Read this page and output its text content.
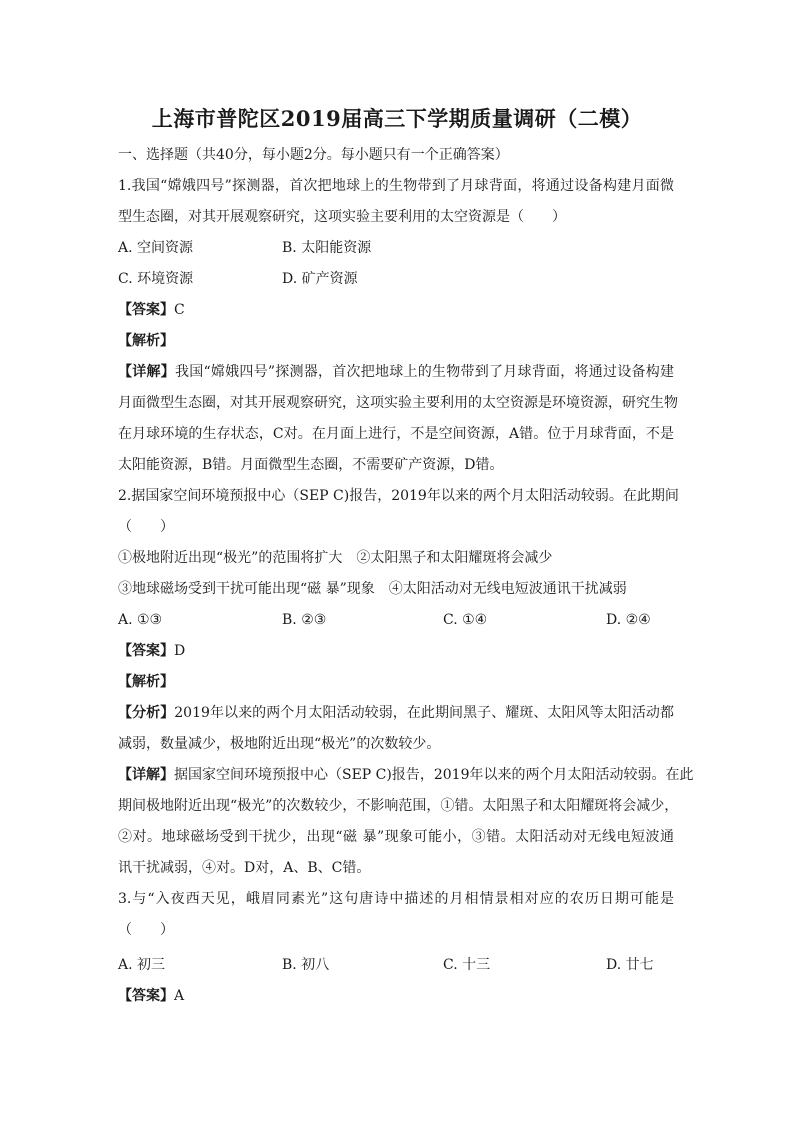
上海市普陀区2019届高三下学期质量调研（二模）
一、选择题（共40分，每小题2分。每小题只有一个正确答案）
1.我国“嫦娥四号”探测器，首次把地球上的生物带到了月球背面，将通过设备构建月面微
型生态圈，对其开展观察研究，这项实验主要利用的太空资源是（　　）
A. 空间资源	B. 太阳能资源
C. 环境资源	D. 矿产资源
【答案】C
【解析】
【详解】我国“嫦娥四号”探测器，首次把地球上的生物带到了月球背面，将通过设备构建
月面微型生态圈，对其开展观察研究，这项实验主要利用的太空资源是环境资源，研究生物
在月球环境的生存状态，C对。在月面上进行，不是空间资源，A错。位于月球背面，不是
太阳能资源，B错。月面微型生态圈，不需要矿产资源，D错。
2.据国家空间环境预报中心（SEP C)报告，2019年以来的两个月太阳活动较弱。在此期间
（　　）
①极地附近出现“极光”的范围将扩大　②太阳黑子和太阳耀斑将会减少
③地球磁场受到干扰可能出现“磁 暴”现象　④太阳活动对无线电短波通讯干扰减弱
A. ①③	B. ②③	C. ①④	D. ②④
【答案】D
【解析】
【分析】2019年以来的两个月太阳活动较弱，在此期间黑子、耀斑、太阳风等太阳活动都
减弱，数量减少，极地附近出现“极光”的次数较少。
【详解】据国家空间环境预报中心（SEP C)报告，2019年以来的两个月太阳活动较弱。在此
期间极地附近出现“极光”的次数较少，不影响范围，①错。太阳黑子和太阳耀斑将会减少，
②对。地球磁场受到干扰少，出现“磁 暴”现象可能小，③错。太阳活动对无线电短波通
讯干扰减弱，④对。D对，A、B、C错。
3.与“入夜西天见，峨眉同素光”这句唐诗中描述的月相情景相对应的农历日期可能是
（　　）
A. 初三	B. 初八	C. 十三	D. 廿七
【答案】A
